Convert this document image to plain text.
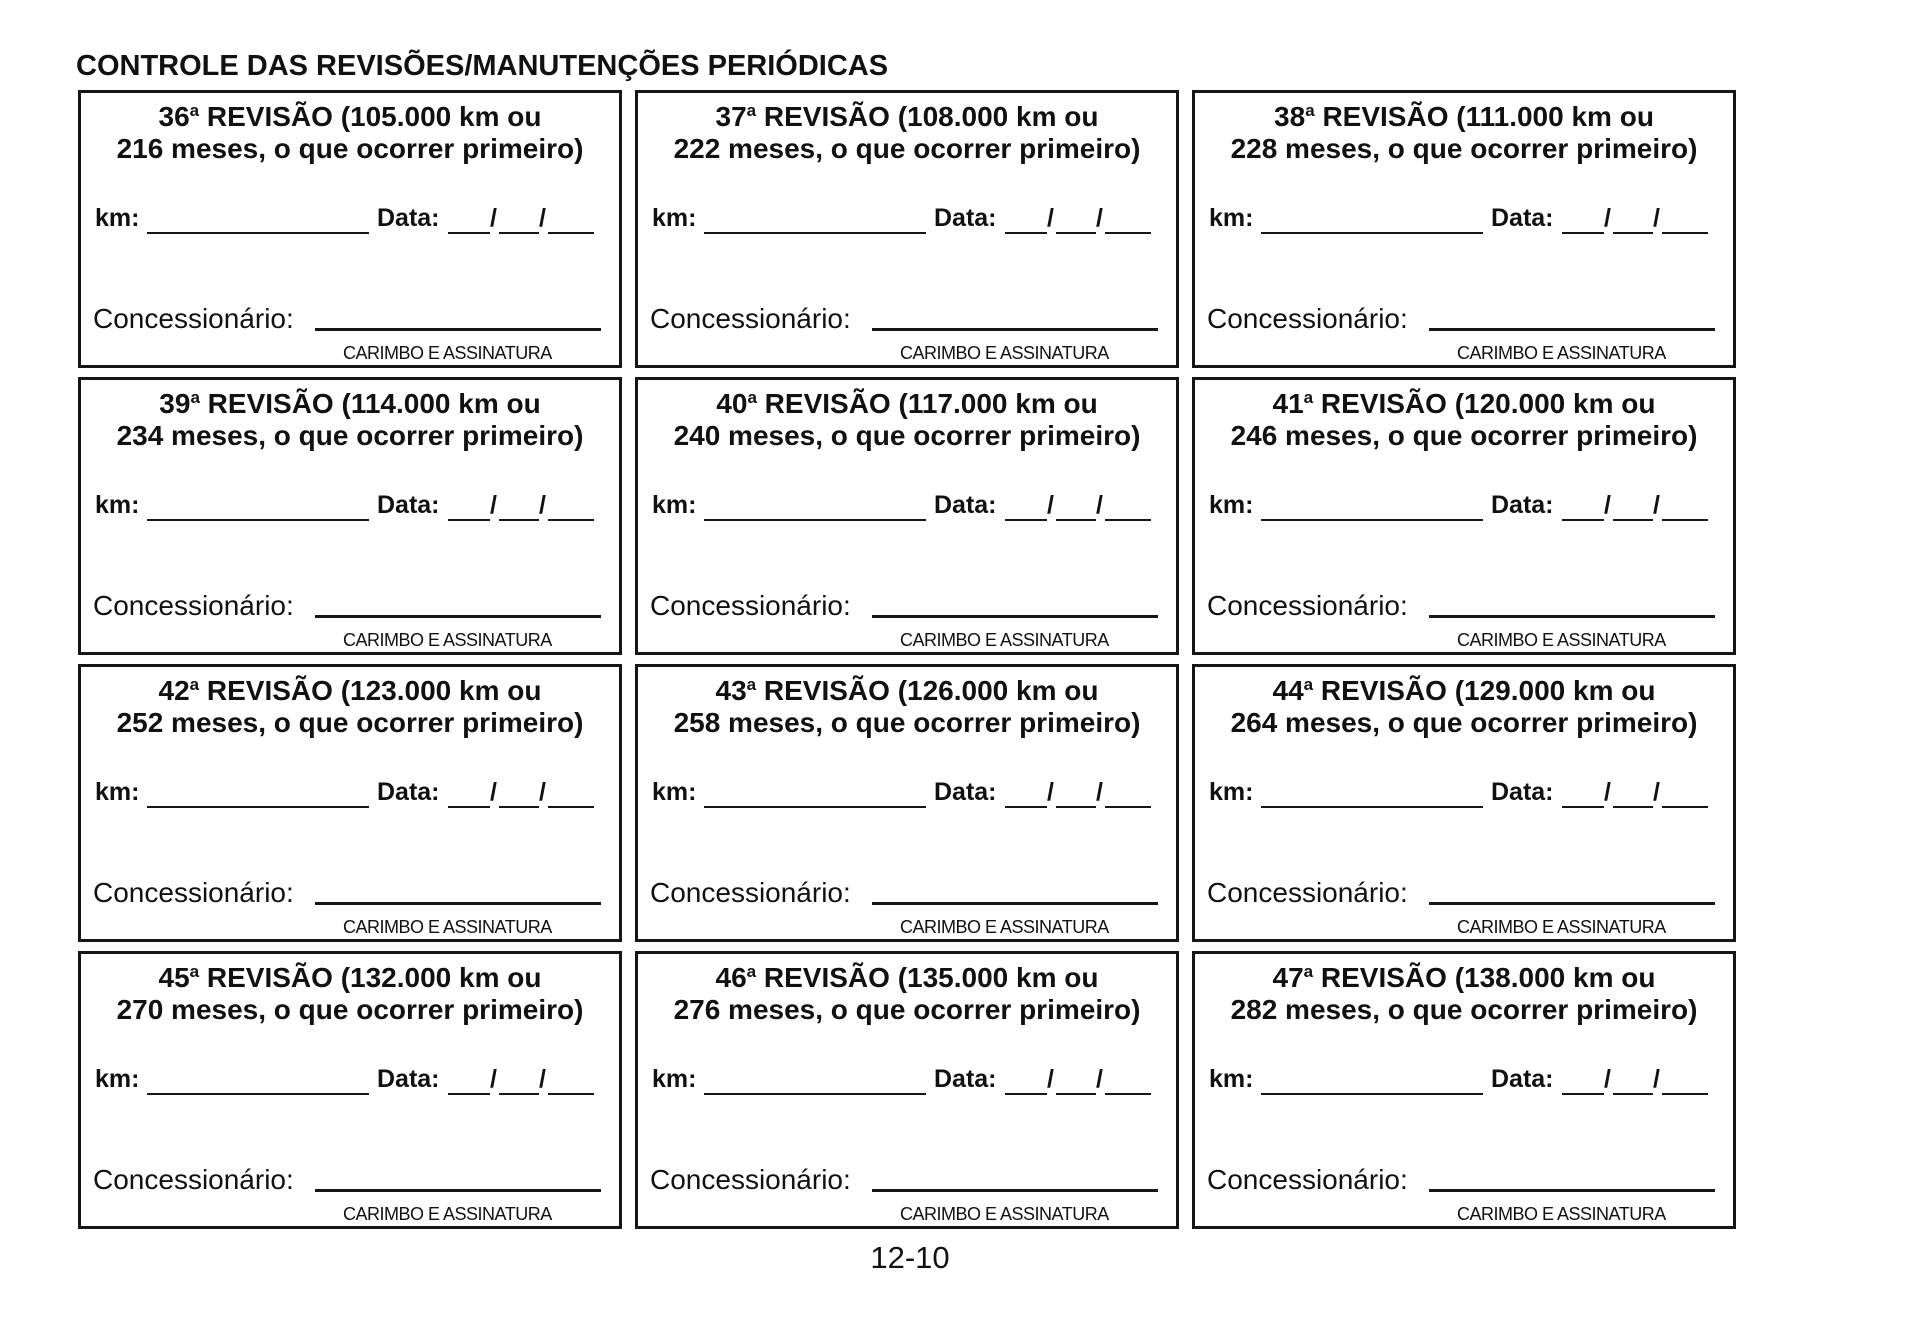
CONTROLE DAS REVISÕES/MANUTENÇÕES PERIÓDICAS
36$^a$ REVISÃO (105.000 km ou
216 meses, o que ocorrer primeiro)
km:	Data: / /
Concessionário:
CARIMBO E ASSINATURA
37$^a$ REVISÃO (108.000 km ou
222 meses, o que ocorrer primeiro)
km:	Data: / /
Concessionário:
CARIMBO E ASSINATURA
38$^a$ REVISÃO (111.000 km ou
228 meses, o que ocorrer primeiro)
km:	Data: / /
Concessionário:
CARIMBO E ASSINATURA
39$^a$ REVISÃO (114.000 km ou
234 meses, o que ocorrer primeiro)
km:	Data: / /
Concessionário:
CARIMBO E ASSINATURA
40$^a$ REVISÃO (117.000 km ou
240 meses, o que ocorrer primeiro)
km:	Data: / /
Concessionário:
CARIMBO E ASSINATURA
41$^a$ REVISÃO (120.000 km ou
246 meses, o que ocorrer primeiro)
km:	Data: / /
Concessionário:
CARIMBO E ASSINATURA
42$^a$ REVISÃO (123.000 km ou
252 meses, o que ocorrer primeiro)
km:	Data: / /
Concessionário:
CARIMBO E ASSINATURA
43$^a$ REVISÃO (126.000 km ou
258 meses, o que ocorrer primeiro)
km:	Data: / /
Concessionário:
CARIMBO E ASSINATURA
44$^a$ REVISÃO (129.000 km ou
264 meses, o que ocorrer primeiro)
km:	Data: / /
Concessionário:
CARIMBO E ASSINATURA
45$^a$ REVISÃO (132.000 km ou
270 meses, o que ocorrer primeiro)
km:	Data: / /
Concessionário:
CARIMBO E ASSINATURA
46$^a$ REVISÃO (135.000 km ou
276 meses, o que ocorrer primeiro)
km:	Data: / /
Concessionário:
CARIMBO E ASSINATURA
47$^a$ REVISÃO (138.000 km ou
282 meses, o que ocorrer primeiro)
km:	Data: / /
Concessionário:
CARIMBO E ASSINATURA
12-10
